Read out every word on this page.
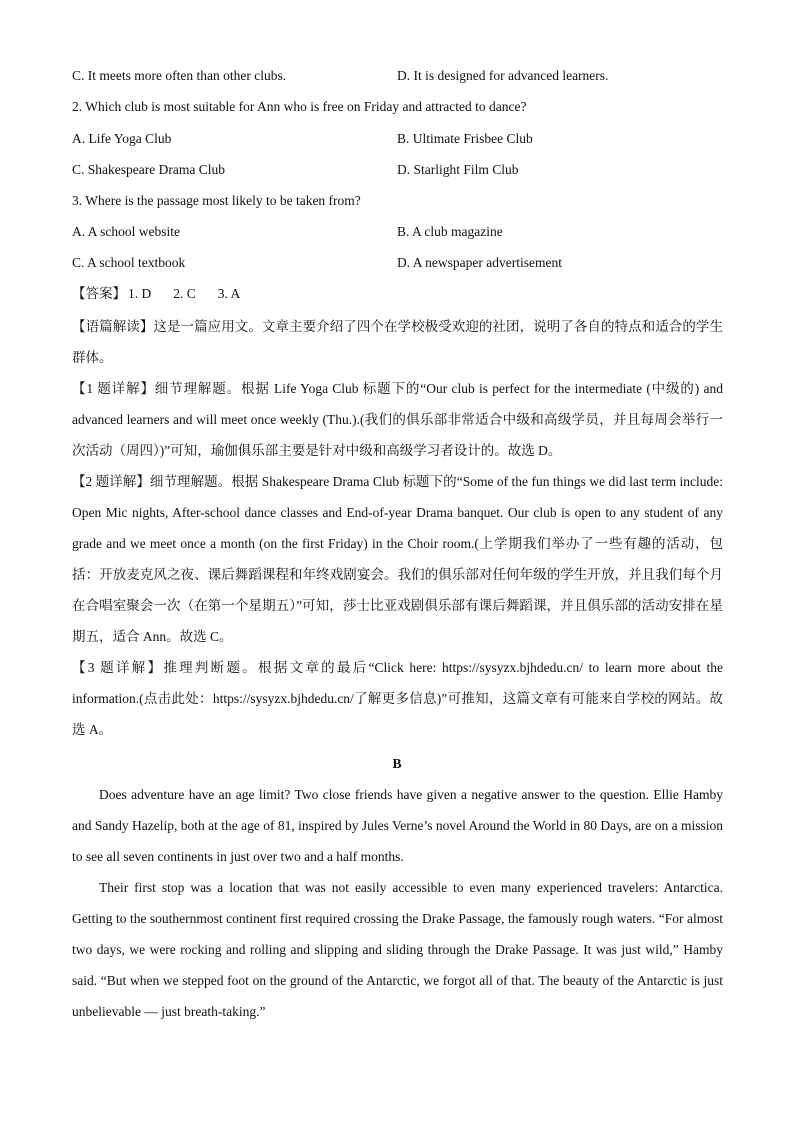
C. It meets more often than other clubs.	D. It is designed for advanced learners.
2. Which club is most suitable for Ann who is free on Friday and attracted to dance?
A. Life Yoga Club	B. Ultimate Frisbee Club
C. Shakespeare Drama Club	D. Starlight Film Club
3. Where is the passage most likely to be taken from?
A. A school website	B. A club magazine
C. A school textbook	D. A newspaper advertisement
【答案】 1. D 2. C 3. A

【语篇解读】这是一篇应用文。文章主要介绍了四个在学校极受欢迎的社团，说明了各自的特点和适合的学生群体。

【1 题详解】细节理解题。根据 Life Yoga Club 标题下的“Our club is perfect for the intermediate (中级的) and advanced learners and will meet once weekly (Thu.).(我们的俱乐部非常适合中级和高级学员，并且每周会举行一次活动（周四）)”可知，瑜伽俱乐部主要是针对中级和高级学习者设计的。故选 D。

【2 题详解】细节理解题。根据 Shakespeare Drama Club 标题下的“Some of the fun things we did last term include: Open Mic nights, After-school dance classes and End-of-year Drama banquet. Our club is open to any student of any grade and we meet once a month (on the first Friday) in the Choir room.(上学期我们举办了一些有趣的活动，包括：开放麦克风之夜、课后舞蹈课程和年终戏剧宴会。我们的俱乐部对任何年级的学生开放，并且我们每个月在合唱室聚会一次（在第一个星期五）”可知，莎士比亚戏剧俱乐部有课后舞蹈课，并且俱乐部的活动安排在星期五，适合 Ann。故选 C。

【3 题详解】推理判断题。根据文章的最后“Click here: https://sysyzx.bjhdedu.cn/ to learn more about the information.(点击此处：https://sysyzx.bjhdedu.cn/了解更多信息)”可推知，这篇文章有可能来自学校的网站。故选 A。

B

Does adventure have an age limit? Two close friends have given a negative answer to the question. Ellie Hamby and Sandy Hazelip, both at the age of 81, inspired by Jules Verne’s novel Around the World in 80 Days, are on a mission to see all seven continents in just over two and a half months.

Their first stop was a location that was not easily accessible to even many experienced travelers: Antarctica. Getting to the southernmost continent first required crossing the Drake Passage, the famously rough waters. “For almost two days, we were rocking and rolling and slipping and sliding through the Drake Passage. It was just wild,” Hamby said. “But when we stepped foot on the ground of the Antarctic, we forgot all of that. The beauty of the Antarctic is just unbelievable — just breath-taking.”
